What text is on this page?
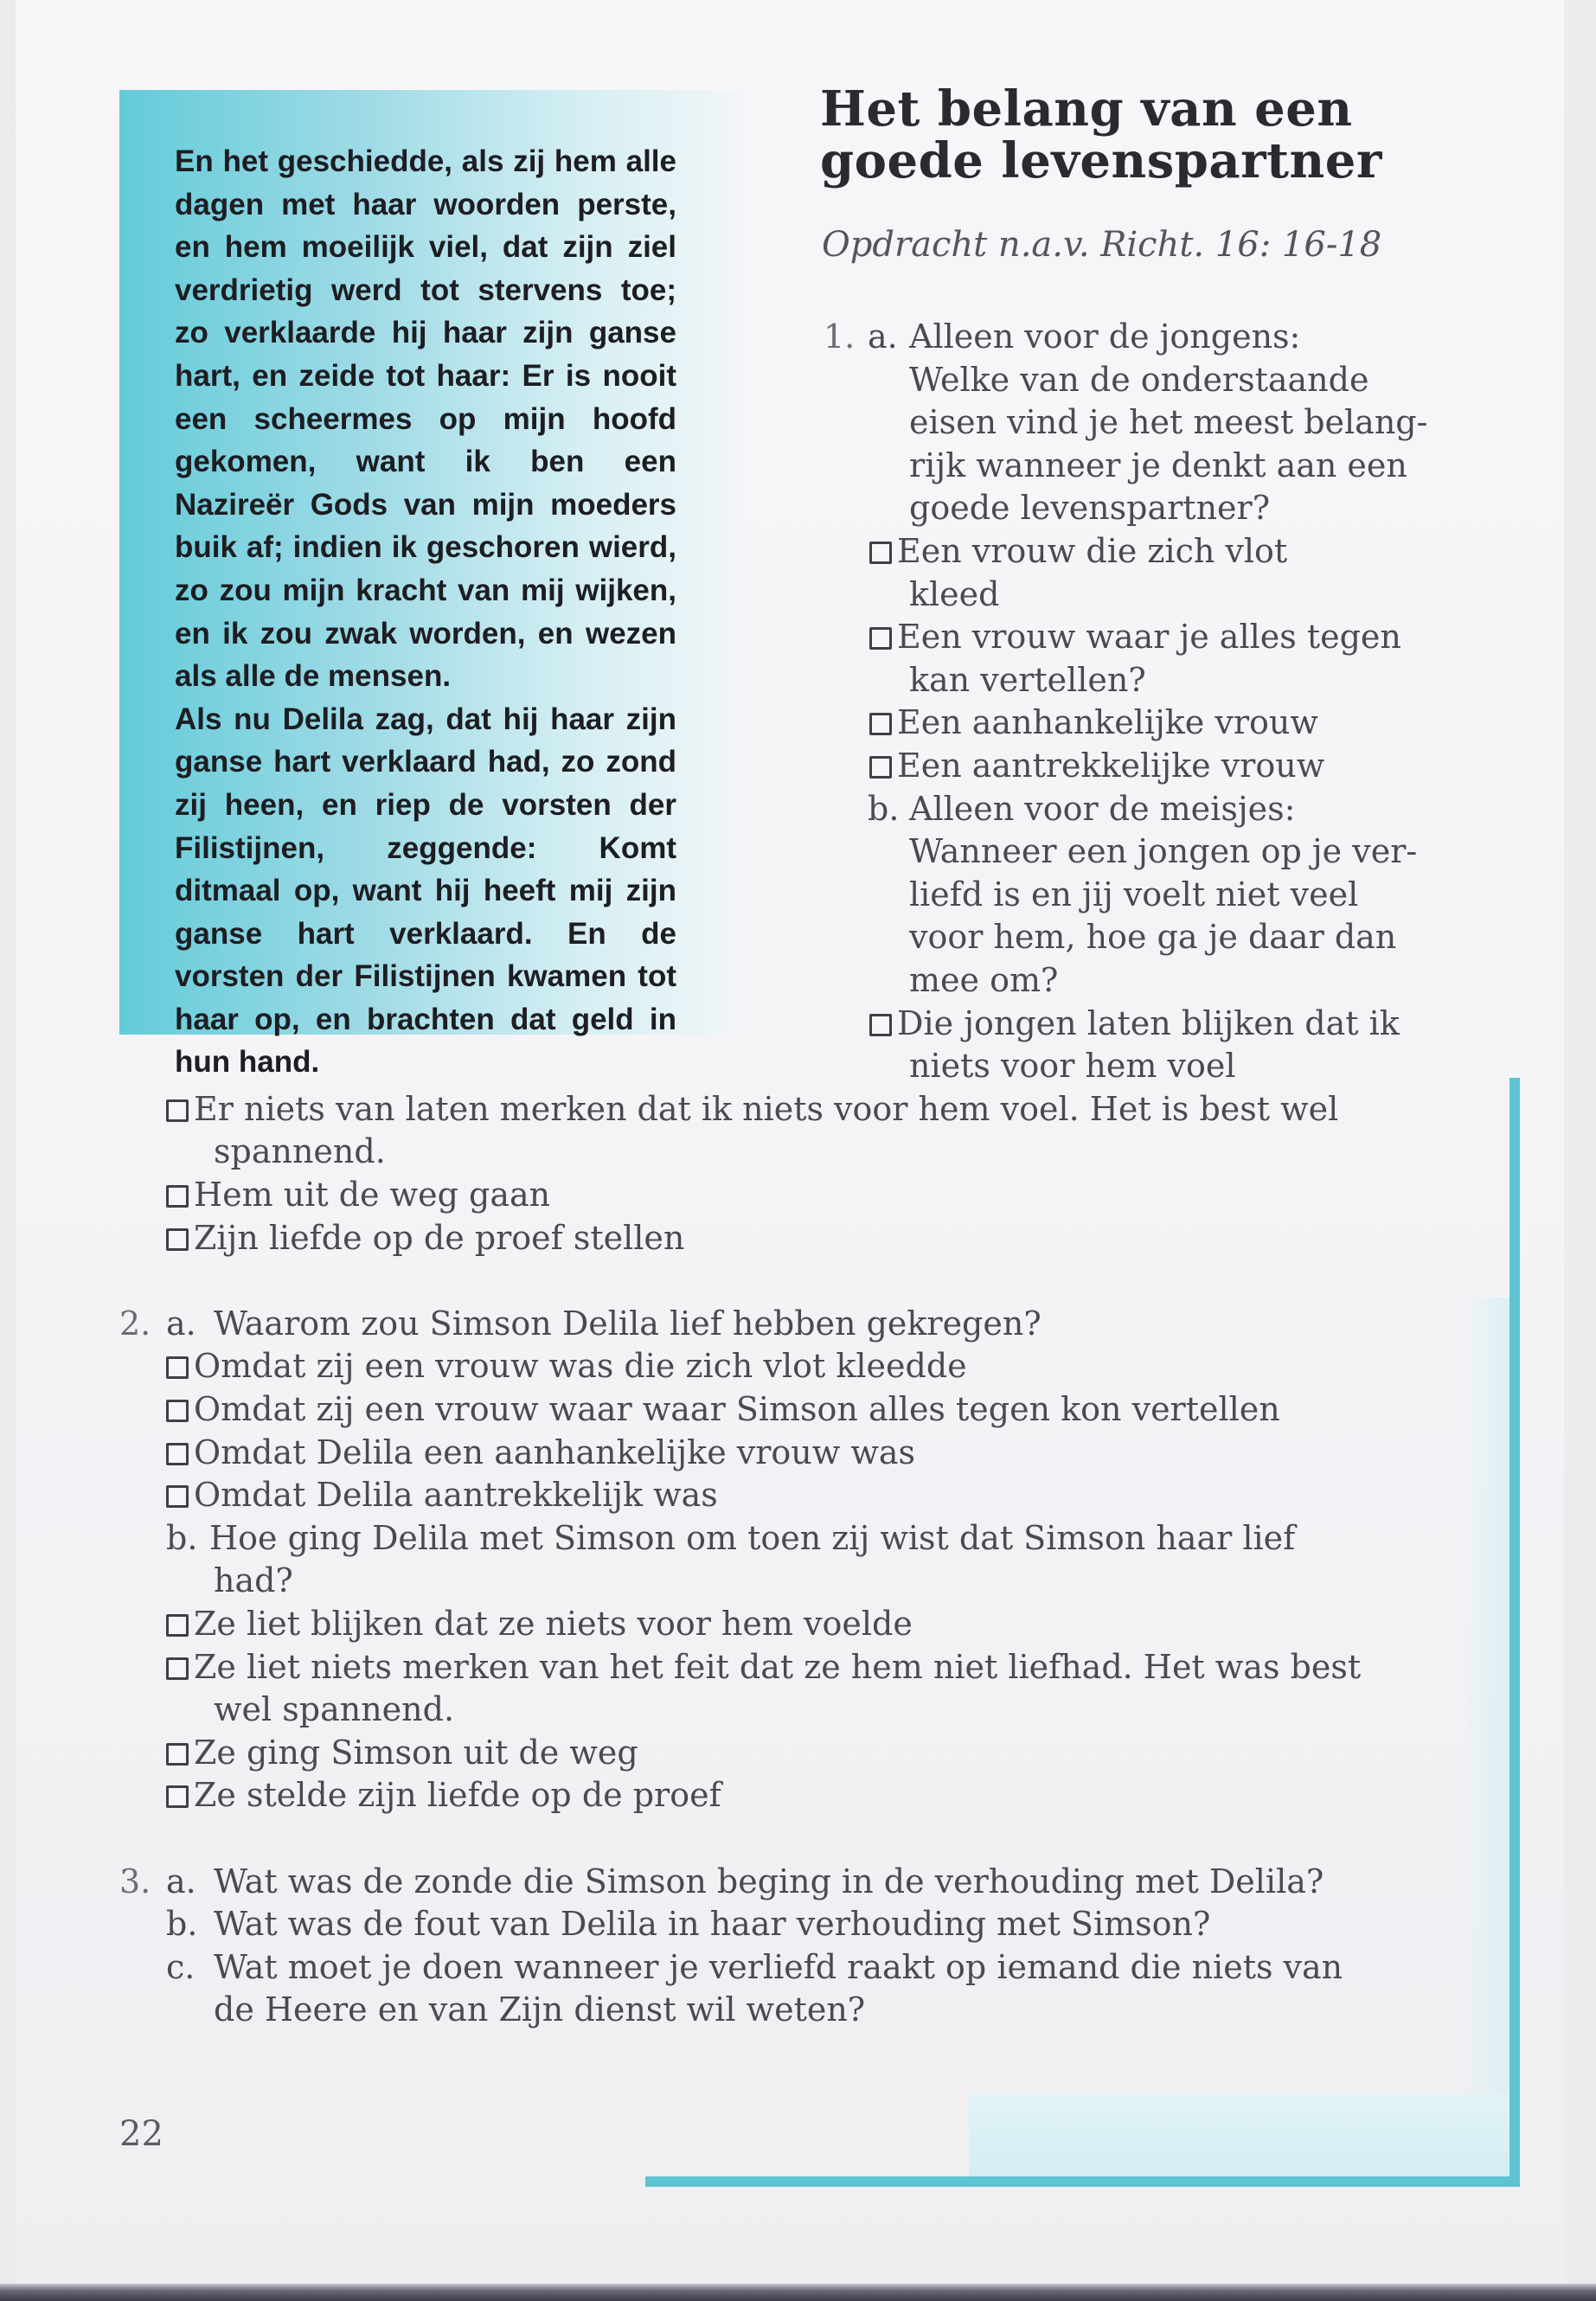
En het geschiedde, als zij hem alle dagen met haar woorden perste, en hem moeilijk viel, dat zijn ziel verdrietig werd tot stervens toe; zo verklaarde hij haar zijn ganse hart, en zeide tot haar: Er is nooit een scheermes op mijn hoofd gekomen, want ik ben een Nazireër Gods van mijn moeders buik af; indien ik geschoren wierd, zo zou mijn kracht van mij wijken, en ik zou zwak worden, en wezen als alle de mensen.

Als nu Delila zag, dat hij haar zijn ganse hart verklaard had, zo zond zij heen, en riep de vorsten der Filistijnen, zeggende: Komt ditmaal op, want hij heeft mij zijn ganse hart verklaard. En de vorsten der Filistijnen kwamen tot haar op, en brachten dat geld in hun hand.

Het belang van een goede levenspartner

Opdracht n.a.v. Richt. 16: 16-18

1. a. Alleen voor de jongens:
Welke van de onderstaande
eisen vind je het meest belang-
rijk wanneer je denkt aan een
goede levenspartner?
Een vrouw die zich vlot
kleed
Een vrouw waar je alles tegen
kan vertellen?
Een aanhankelijke vrouw
Een aantrekkelijke vrouw
b. Alleen voor de meisjes:
Wanneer een jongen op je ver-
liefd is en jij voelt niet veel
voor hem, hoe ga je daar dan
mee om?
Die jongen laten blijken dat ik
niets voor hem voel
Er niets van laten merken dat ik niets voor hem voel. Het is best wel
spannend.
Hem uit de weg gaan
Zijn liefde op de proef stellen
2. a. Waarom zou Simson Delila lief hebben gekregen?
Omdat zij een vrouw was die zich vlot kleedde
Omdat zij een vrouw waar waar Simson alles tegen kon vertellen
Omdat Delila een aanhankelijke vrouw was
Omdat Delila aantrekkelijk was
b. Hoe ging Delila met Simson om toen zij wist dat Simson haar lief
had?
Ze liet blijken dat ze niets voor hem voelde
Ze liet niets merken van het feit dat ze hem niet liefhad. Het was best
wel spannend.
Ze ging Simson uit de weg
Ze stelde zijn liefde op de proef
3. a. Wat was de zonde die Simson beging in de verhouding met Delila?
b. Wat was de fout van Delila in haar verhouding met Simson?
c. Wat moet je doen wanneer je verliefd raakt op iemand die niets van
de Heere en van Zijn dienst wil weten?
22
